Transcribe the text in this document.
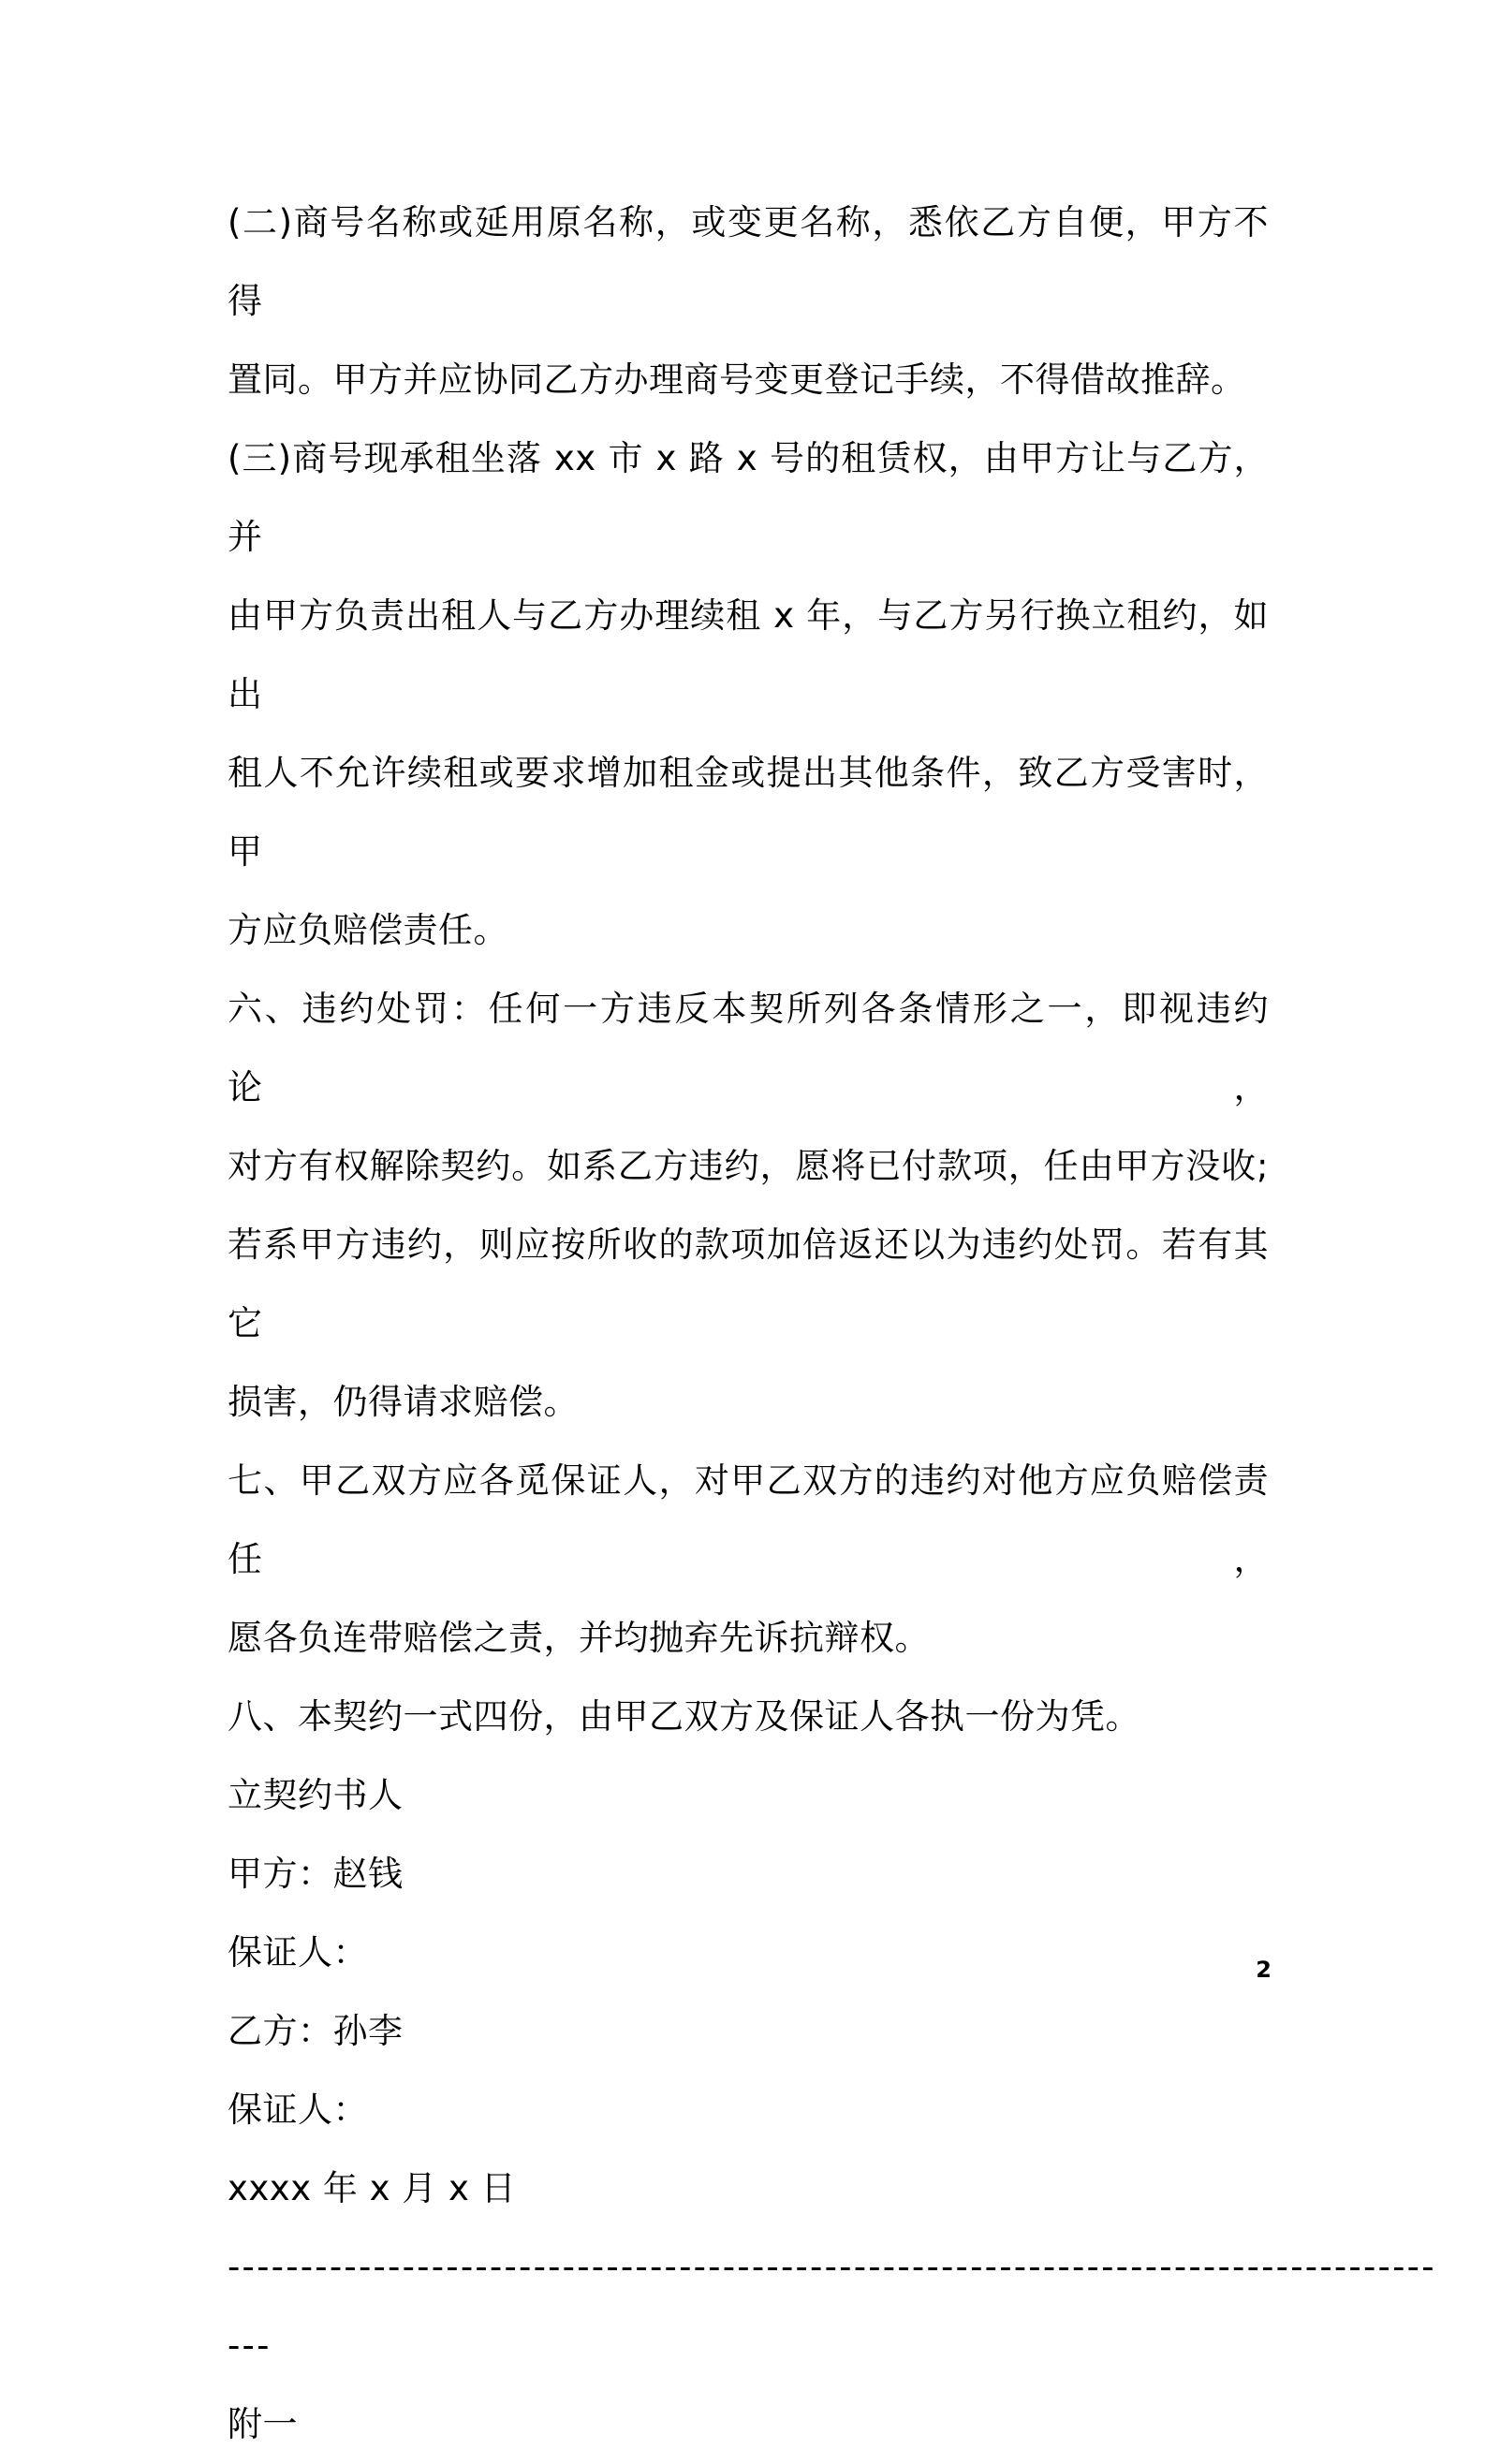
(二)商号名称或延用原名称，或变更名称，悉依乙方自便，甲方不得
置同。甲方并应协同乙方办理商号变更登记手续，不得借故推辞。

(三)商号现承租坐落 xx 市 x 路 x 号的租赁权，由甲方让与乙方，并
由甲方负责出租人与乙方办理续租 x 年，与乙方另行换立租约，如出
租人不允许续租或要求增加租金或提出其他条件，致乙方受害时，甲
方应负赔偿责任。

六、违约处罚：任何一方违反本契所列各条情形之一，即视违约论，
对方有权解除契约。如系乙方违约，愿将已付款项，任由甲方没收;
若系甲方违约，则应按所收的款项加倍返还以为违约处罚。若有其它
损害，仍得请求赔偿。

七、甲乙双方应各觅保证人，对甲乙双方的违约对他方应负赔偿责任，
愿各负连带赔偿之责，并均抛弃先诉抗辩权。

八、本契约一式四份，由甲乙双方及保证人各执一份为凭。

立契约书人

甲方：赵钱

保证人：

乙方：孙李

保证人：

xxxx 年 x 月 x 日

-----------------------------------------------------------------------------------

---

附一

2
